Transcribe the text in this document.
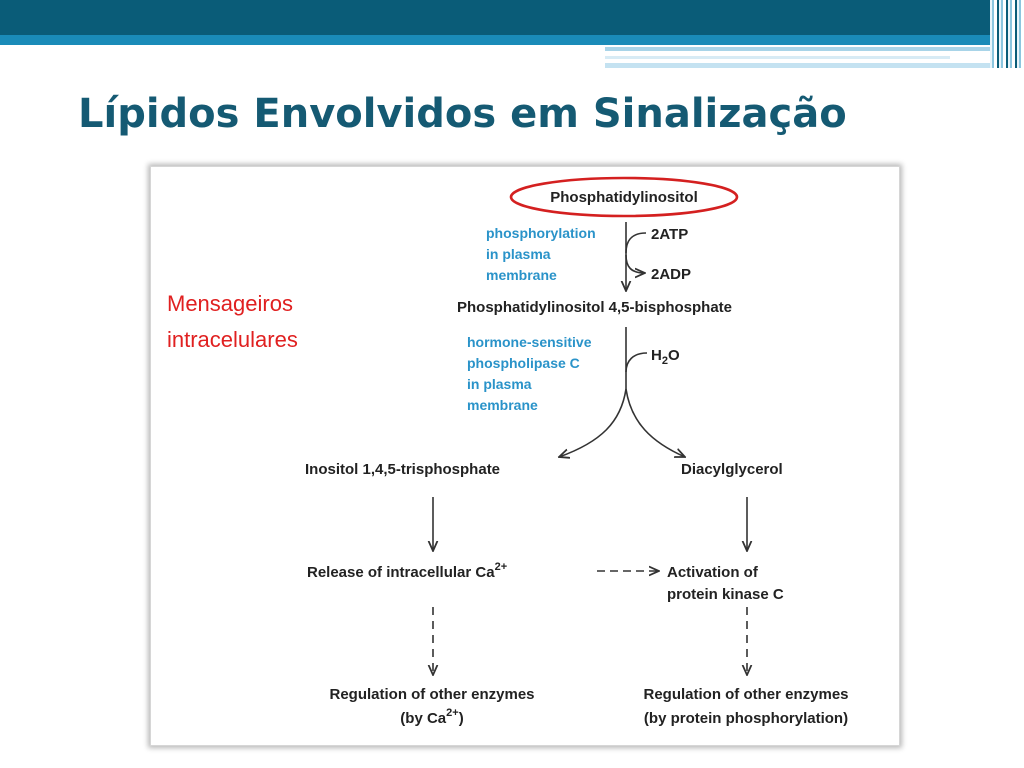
Lípidos Envolvidos em Sinalização
Phosphatidylinositol
phosphorylation
in plasma
membrane
2ATP
2ADP
Phosphatidylinositol 4,5-bisphosphate
Mensageiros
intracelulares	hormone-sensitive
phospholipase C
in plasma
membrane
$H_2O$
Inositol 1,4,5-trisphosphate	Diacylglycerol
Release of intracellular $Ca^{2+}$	Activation of
protein kinase C
Regulation of other enzymes
(by $Ca^{2+}$)
Regulation of other enzymes
(by protein phosphorylation)
